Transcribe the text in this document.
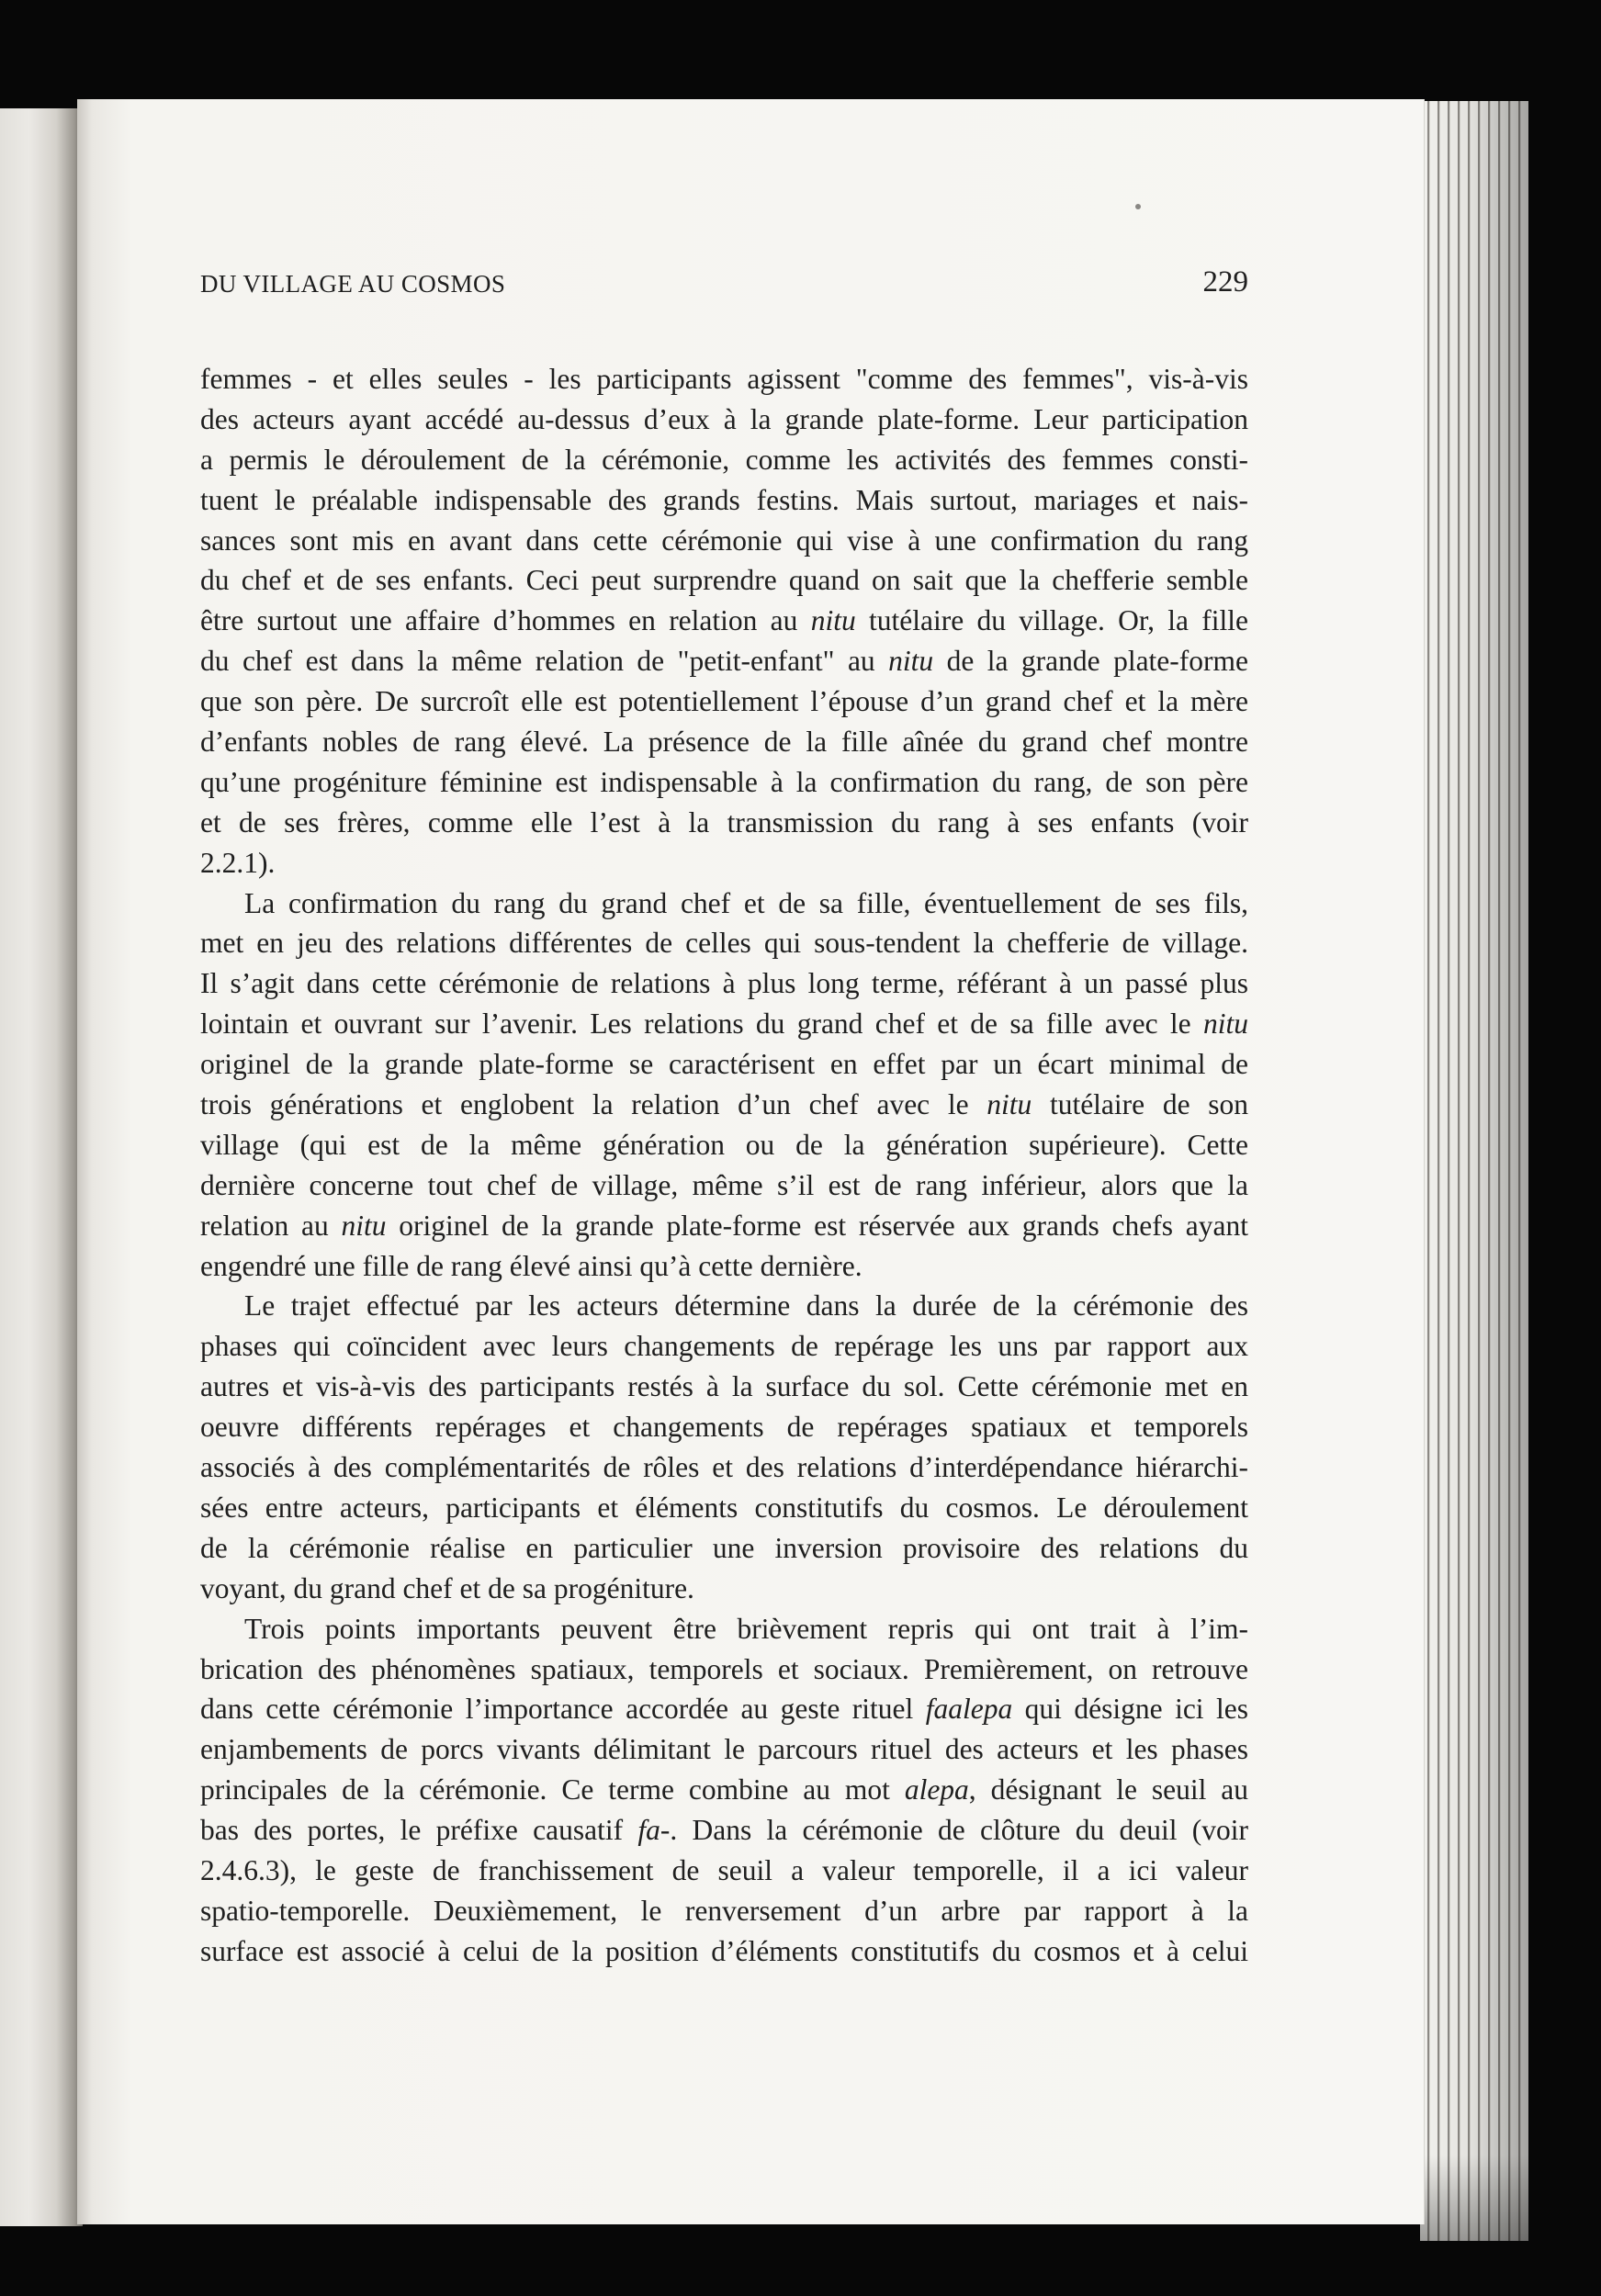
DU VILLAGE AU COSMOS	229
femmes - et elles seules - les participants agissent "comme des femmes", vis-à-vis
des acteurs ayant accédé au-dessus d’eux à la grande plate-forme. Leur participation
a permis le déroulement de la cérémonie, comme les activités des femmes consti-
tuent le préalable indispensable des grands festins. Mais surtout, mariages et nais-
sances sont mis en avant dans cette cérémonie qui vise à une confirmation du rang
du chef et de ses enfants. Ceci peut surprendre quand on sait que la chefferie semble
être surtout une affaire d’hommes en relation au nitu tutélaire du village. Or, la fille
du chef est dans la même relation de "petit-enfant" au nitu de la grande plate-forme
que son père. De surcroît elle est potentiellement l’épouse d’un grand chef et la mère
d’enfants nobles de rang élevé. La présence de la fille aînée du grand chef montre
qu’une progéniture féminine est indispensable à la confirmation du rang, de son père
et de ses frères, comme elle l’est à la transmission du rang à ses enfants (voir
2.2.1).
La confirmation du rang du grand chef et de sa fille, éventuellement de ses fils,
met en jeu des relations différentes de celles qui sous-tendent la chefferie de village.
Il s’agit dans cette cérémonie de relations à plus long terme, référant à un passé plus
lointain et ouvrant sur l’avenir. Les relations du grand chef et de sa fille avec le nitu
originel de la grande plate-forme se caractérisent en effet par un écart minimal de
trois générations et englobent la relation d’un chef avec le nitu tutélaire de son
village (qui est de la même génération ou de la génération supérieure). Cette
dernière concerne tout chef de village, même s’il est de rang inférieur, alors que la
relation au nitu originel de la grande plate-forme est réservée aux grands chefs ayant
engendré une fille de rang élevé ainsi qu’à cette dernière.
Le trajet effectué par les acteurs détermine dans la durée de la cérémonie des
phases qui coïncident avec leurs changements de repérage les uns par rapport aux
autres et vis-à-vis des participants restés à la surface du sol. Cette cérémonie met en
oeuvre différents repérages et changements de repérages spatiaux et temporels
associés à des complémentarités de rôles et des relations d’interdépendance hiérarchi-
sées entre acteurs, participants et éléments constitutifs du cosmos. Le déroulement
de la cérémonie réalise en particulier une inversion provisoire des relations du
voyant, du grand chef et de sa progéniture.
Trois points importants peuvent être brièvement repris qui ont trait à l’im-
brication des phénomènes spatiaux, temporels et sociaux. Premièrement, on retrouve
dans cette cérémonie l’importance accordée au geste rituel faalepa qui désigne ici les
enjambements de porcs vivants délimitant le parcours rituel des acteurs et les phases
principales de la cérémonie. Ce terme combine au mot alepa, désignant le seuil au
bas des portes, le préfixe causatif fa-. Dans la cérémonie de clôture du deuil (voir
2.4.6.3), le geste de franchissement de seuil a valeur temporelle, il a ici valeur
spatio-temporelle. Deuxièmement, le renversement d’un arbre par rapport à la
surface est associé à celui de la position d’éléments constitutifs du cosmos et à celui
